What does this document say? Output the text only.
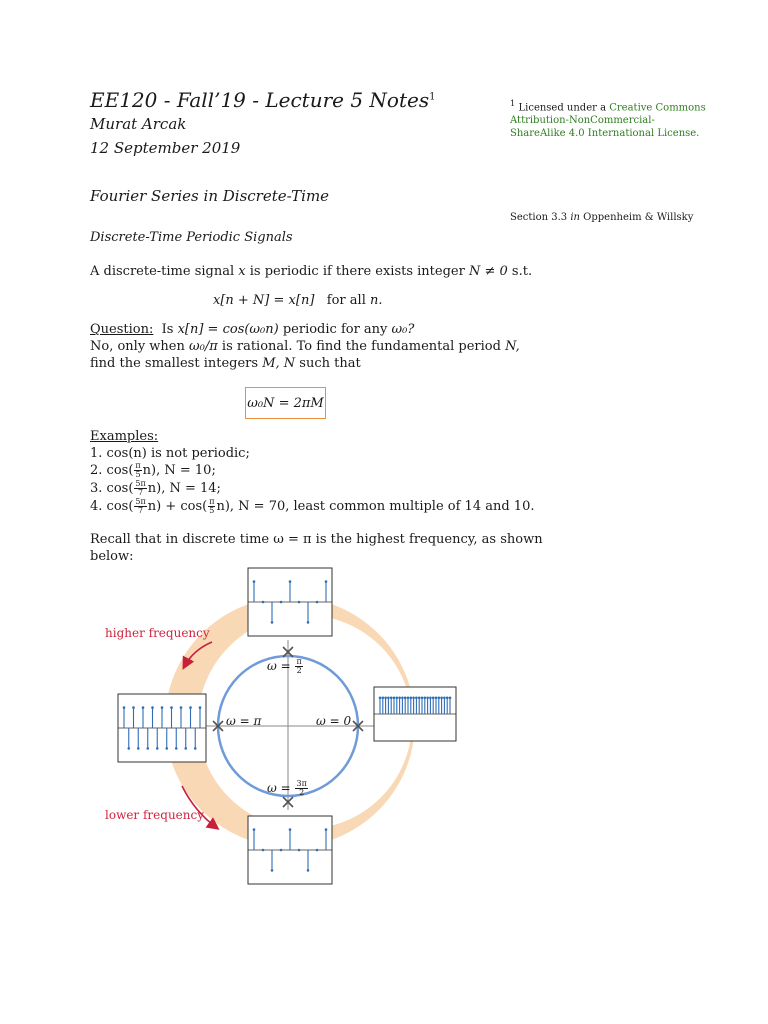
EE120 - Fall’19 - Lecture 5 Notes$^1$
Murat Arcak
12 September 2019
$^1$ Licensed under a Creative Commons Attribution-NonCommercial-ShareAlike 4.0 International License.
Section 3.3 in Oppenheim & Willsky
Fourier Series in Discrete-Time
Discrete-Time Periodic Signals
A discrete-time signal x is periodic if there exists integer N ≠ 0 s.t.
x[n + N] = x[n] for all n.
Question: Is x[n] = cos(ω₀n) periodic for any ω₀?
No, only when ω₀/π is rational. To find the fundamental period N,
find the smallest integers M, N such that
ω₀N = 2πM
Examples:
1. cos(n) is not periodic;
2. $\cos( \frac{\pi}{5} n)$, N = 10;
3. $\cos( \frac{5\pi}{7} n)$, N = 14;
4. $\cos( \frac{5\pi}{7} n) + \cos( \frac{\pi}{5} n)$, N = 70, least common multiple of 14 and 10.
Recall that in discrete time ω = π is the highest frequency, as shown
below:
higher frequency
lower frequency
$\omega = \frac{\pi}{2}$
ω = π	ω = 0
$\omega = \frac{3\pi}{2}$
